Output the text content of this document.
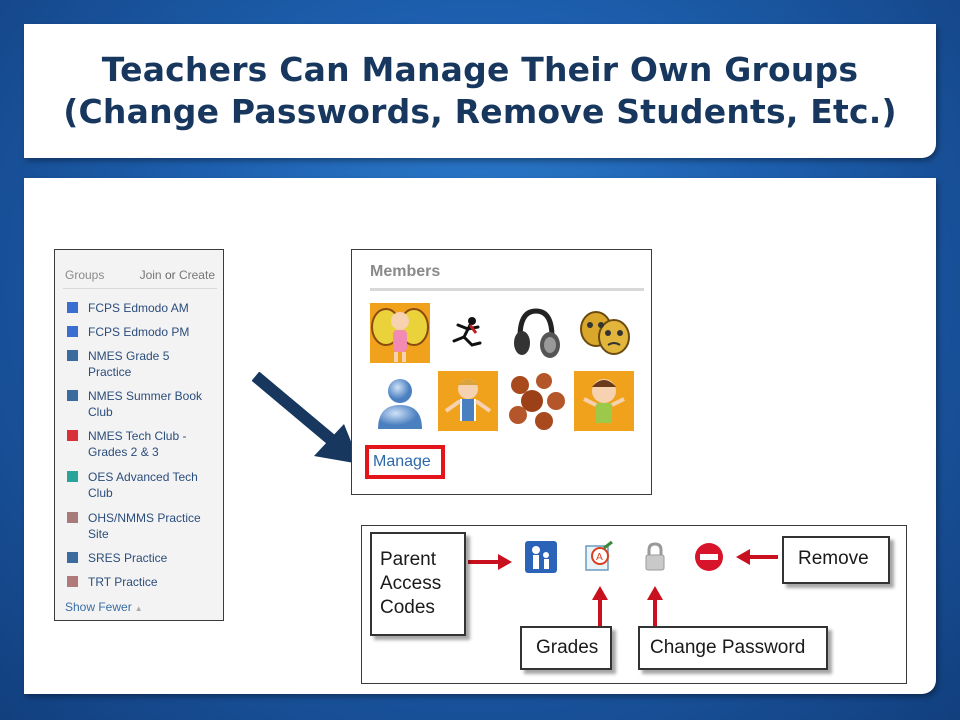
Teachers Can Manage Their Own Groups
(Change Passwords, Remove Students, Etc.)
Groups	Join or Create
FCPS Edmodo AM
FCPS Edmodo PM
NMES Grade 5 Practice
NMES Summer Book Club
NMES Tech Club - Grades 2 & 3
OES Advanced Tech Club
OHS/NMMS Practice Site
SRES Practice
TRT Practice
Show Fewer ▲
Members
Manage
A
Parent Access Codes
Remove
Grades	Change Password
